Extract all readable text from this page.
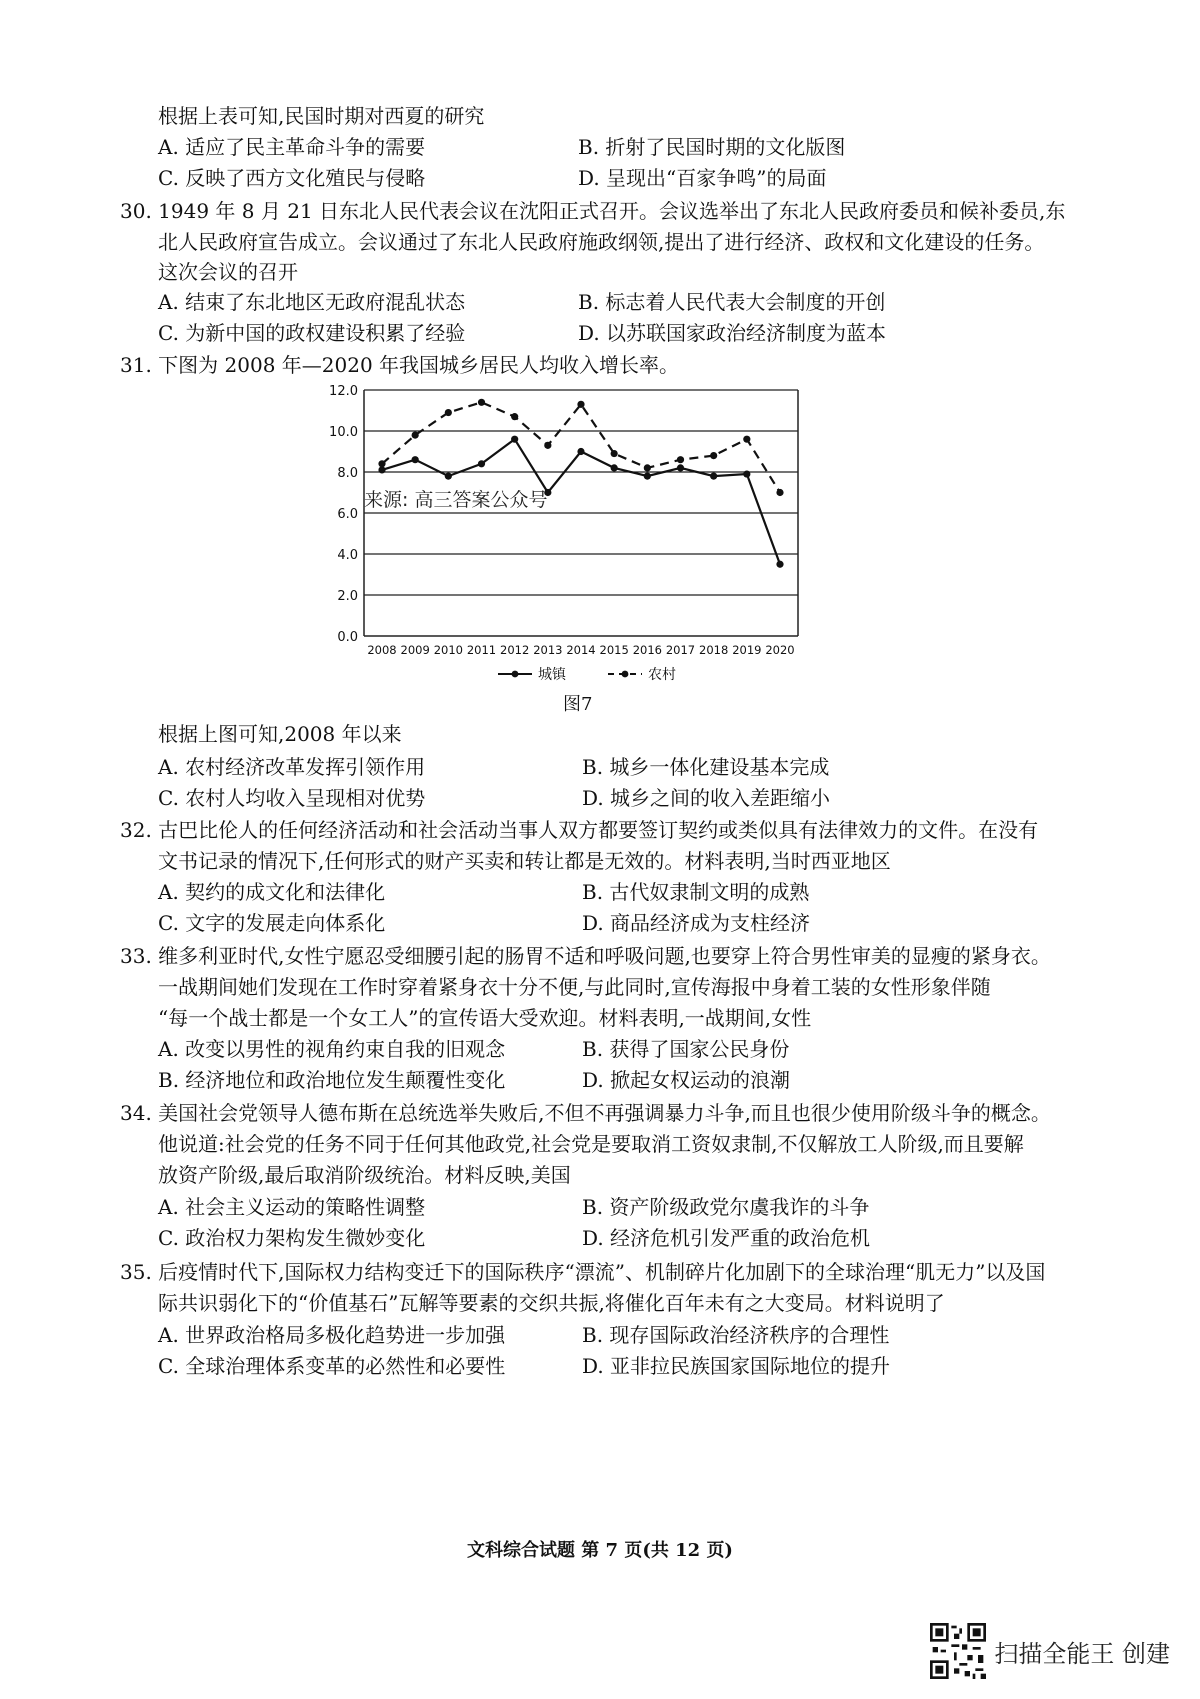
根据上表可知,民国时期对西夏的研究
A. 适应了民主革命斗争的需要	B. 折射了民国时期的文化版图
C. 反映了西方文化殖民与侵略	D. 呈现出“百家争鸣”的局面
30. 1949 年 8 月 21 日东北人民代表会议在沈阳正式召开。会议选举出了东北人民政府委员和候补委员,东
北人民政府宣告成立。会议通过了东北人民政府施政纲领,提出了进行经济、政权和文化建设的任务。
这次会议的召开
A. 结束了东北地区无政府混乱状态	B. 标志着人民代表大会制度的开创
C. 为新中国的政权建设积累了经验	D. 以苏联国家政治经济制度为蓝本
31. 下图为 2008 年—2020 年我国城乡居民人均收入增长率。
0.0
2.0
4.0
6.0
8.0
10.0
12.0
2008 2009 2010 2011 2012 2013 2014 2015 2016 2017 2018 2019 2020
城镇	农村
来源: 高三答案公众号
图7
根据上图可知,2008 年以来
A. 农村经济改革发挥引领作用	B. 城乡一体化建设基本完成
C. 农村人均收入呈现相对优势	D. 城乡之间的收入差距缩小
32. 古巴比伦人的任何经济活动和社会活动当事人双方都要签订契约或类似具有法律效力的文件。在没有
文书记录的情况下,任何形式的财产买卖和转让都是无效的。材料表明,当时西亚地区
A. 契约的成文化和法律化	B. 古代奴隶制文明的成熟
C. 文字的发展走向体系化	D. 商品经济成为支柱经济
33. 维多利亚时代,女性宁愿忍受细腰引起的肠胃不适和呼吸问题,也要穿上符合男性审美的显瘦的紧身衣。
一战期间她们发现在工作时穿着紧身衣十分不便,与此同时,宣传海报中身着工装的女性形象伴随
“每一个战士都是一个女工人”的宣传语大受欢迎。材料表明,一战期间,女性
A. 改变以男性的视角约束自我的旧观念	B. 获得了国家公民身份
B. 经济地位和政治地位发生颠覆性变化	D. 掀起女权运动的浪潮
34. 美国社会党领导人德布斯在总统选举失败后,不但不再强调暴力斗争,而且也很少使用阶级斗争的概念。
他说道:社会党的任务不同于任何其他政党,社会党是要取消工资奴隶制,不仅解放工人阶级,而且要解
放资产阶级,最后取消阶级统治。材料反映,美国
A. 社会主义运动的策略性调整	B. 资产阶级政党尔虞我诈的斗争
C. 政治权力架构发生微妙变化	D. 经济危机引发严重的政治危机
35. 后疫情时代下,国际权力结构变迁下的国际秩序“漂流”、机制碎片化加剧下的全球治理“肌无力”以及国
际共识弱化下的“价值基石”瓦解等要素的交织共振,将催化百年未有之大变局。材料说明了
A. 世界政治格局多极化趋势进一步加强	B. 现存国际政治经济秩序的合理性
C. 全球治理体系变革的必然性和必要性	D. 亚非拉民族国家国际地位的提升
文科综合试题 第 7 页(共 12 页)
扫描全能王 创建
